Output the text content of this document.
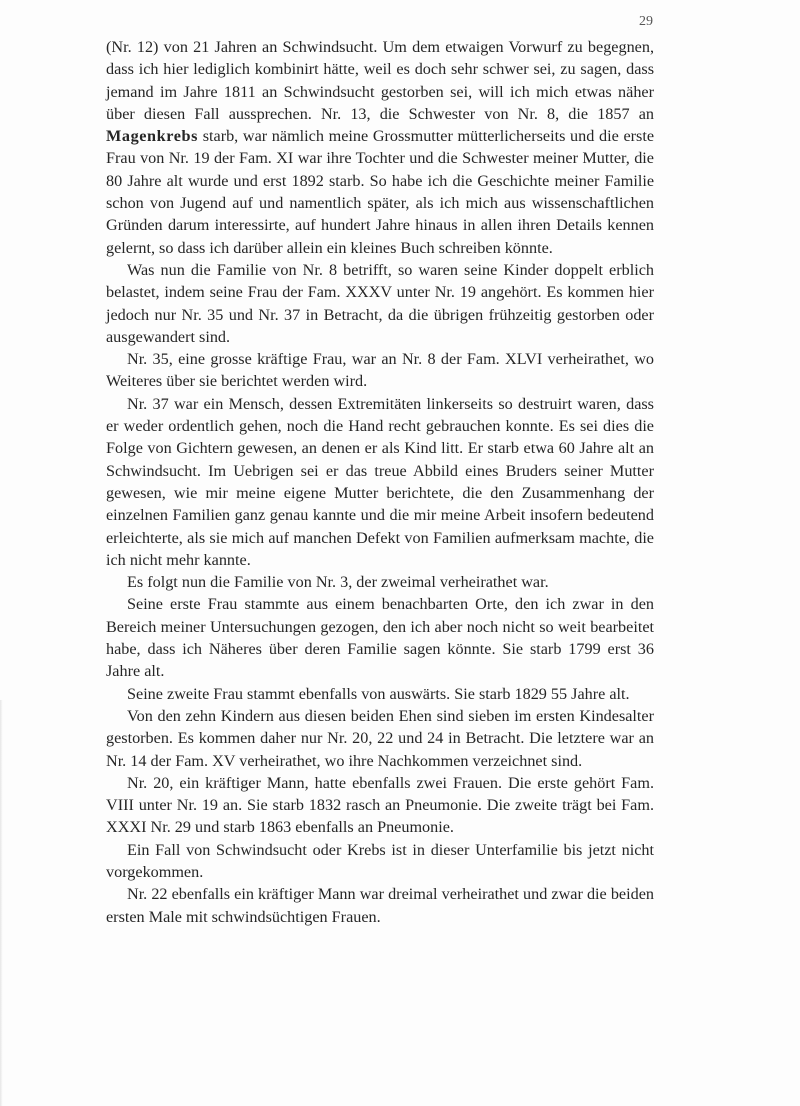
29

(Nr. 12) von 21 Jahren an Schwindsucht. Um dem etwaigen Vorwurf zu begegnen, dass ich hier lediglich kombinirt hätte, weil es doch sehr schwer sei, zu sagen, dass jemand im Jahre 1811 an Schwindsucht gestorben sei, will ich mich etwas näher über diesen Fall aussprechen. Nr. 13, die Schwester von Nr. 8, die 1857 an Magenkrebs starb, war nämlich meine Grossmutter mütterlicherseits und die erste Frau von Nr. 19 der Fam. XI war ihre Tochter und die Schwester meiner Mutter, die 80 Jahre alt wurde und erst 1892 starb. So habe ich die Geschichte meiner Familie schon von Jugend auf und namentlich später, als ich mich aus wissenschaftlichen Gründen darum interessirte, auf hundert Jahre hinaus in allen ihren Details kennen gelernt, so dass ich darüber allein ein kleines Buch schreiben könnte.

Was nun die Familie von Nr. 8 betrifft, so waren seine Kinder doppelt erblich belastet, indem seine Frau der Fam. XXXV unter Nr. 19 angehört. Es kommen hier jedoch nur Nr. 35 und Nr. 37 in Betracht, da die übrigen frühzeitig gestorben oder ausgewandert sind.

Nr. 35, eine grosse kräftige Frau, war an Nr. 8 der Fam. XLVI verheirathet, wo Weiteres über sie berichtet werden wird.

Nr. 37 war ein Mensch, dessen Extremitäten linkerseits so destruirt waren, dass er weder ordentlich gehen, noch die Hand recht gebrauchen konnte. Es sei dies die Folge von Gichtern gewesen, an denen er als Kind litt. Er starb etwa 60 Jahre alt an Schwindsucht. Im Uebrigen sei er das treue Abbild eines Bruders seiner Mutter gewesen, wie mir meine eigene Mutter berichtete, die den Zusammenhang der einzelnen Familien ganz genau kannte und die mir meine Arbeit insofern bedeutend erleichterte, als sie mich auf manchen Defekt von Familien aufmerksam machte, die ich nicht mehr kannte.

Es folgt nun die Familie von Nr. 3, der zweimal verheirathet war.

Seine erste Frau stammte aus einem benachbarten Orte, den ich zwar in den Bereich meiner Untersuchungen gezogen, den ich aber noch nicht so weit bearbeitet habe, dass ich Näheres über deren Familie sagen könnte. Sie starb 1799 erst 36 Jahre alt.

Seine zweite Frau stammt ebenfalls von auswärts. Sie starb 1829 55 Jahre alt.

Von den zehn Kindern aus diesen beiden Ehen sind sieben im ersten Kindesalter gestorben. Es kommen daher nur Nr. 20, 22 und 24 in Betracht. Die letztere war an Nr. 14 der Fam. XV verheirathet, wo ihre Nachkommen verzeichnet sind.

Nr. 20, ein kräftiger Mann, hatte ebenfalls zwei Frauen. Die erste gehört Fam. VIII unter Nr. 19 an. Sie starb 1832 rasch an Pneumonie. Die zweite trägt bei Fam. XXXI Nr. 29 und starb 1863 ebenfalls an Pneumonie.

Ein Fall von Schwindsucht oder Krebs ist in dieser Unterfamilie bis jetzt nicht vorgekommen.

Nr. 22 ebenfalls ein kräftiger Mann war dreimal verheirathet und zwar die beiden ersten Male mit schwindsüchtigen Frauen.
